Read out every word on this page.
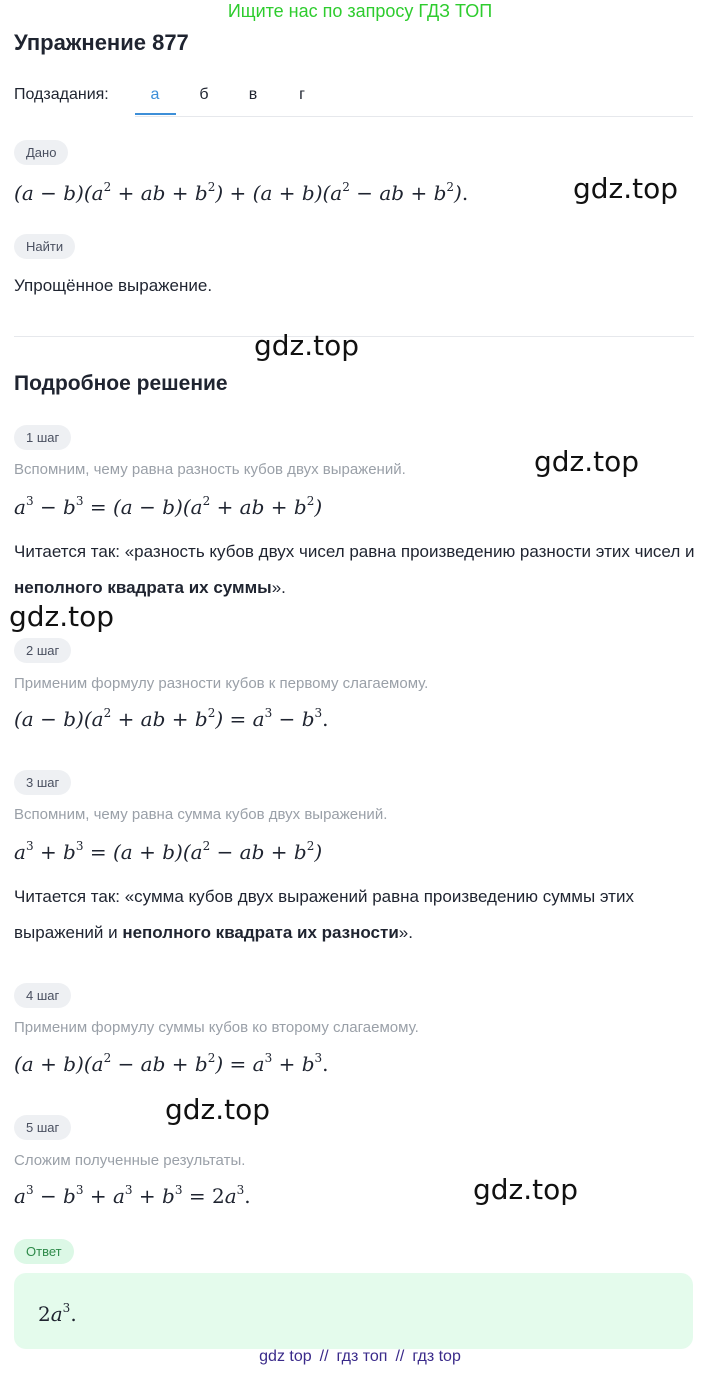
Ищите нас по запросу ГДЗ ТОП
Упражнение 877
Подзадания:	а	б	в	г
Дано
$(a - b)(a^2$ + ab + $b^2) + (a + b)(a^2$ − ab + $b^2$).
Найти
Упрощённое выражение.
Подробное решение
1 шаг
Вспомним, чему равна разность кубов двух выражений.
$a^3 - b^3 = (a - b)(a^2$ + ab + $b^2$)
Читается так: «разность кубов двух чисел равна произведению разности этих чисел и неполного квадрата их суммы».
2 шаг
Применим формулу разности кубов к первому слагаемому.
$(a - b)(a^2$ + ab + $b^2) = a^3 - b^3$.
3 шаг
Вспомним, чему равна сумма кубов двух выражений.
$a^3 + b^3 = (a + b)(a^2$ − ab + $b^2$)
Читается так: «сумма кубов двух выражений равна произведению суммы этих выражений и неполного квадрата их разности».
4 шаг
Применим формулу суммы кубов ко второму слагаемому.
$(a + b)(a^2$ − ab + $b^2) = a^3 + b^3$.
5 шаг
Сложим полученные результаты.
$a^3 - b^3 + a^3 + b^3 = 2a^3$.
Ответ
$2a^3$.
gdz.top
gdz.top
gdz.top
gdz.top
gdz.top
gdz.top
gdz top // гдз топ // гдз top
